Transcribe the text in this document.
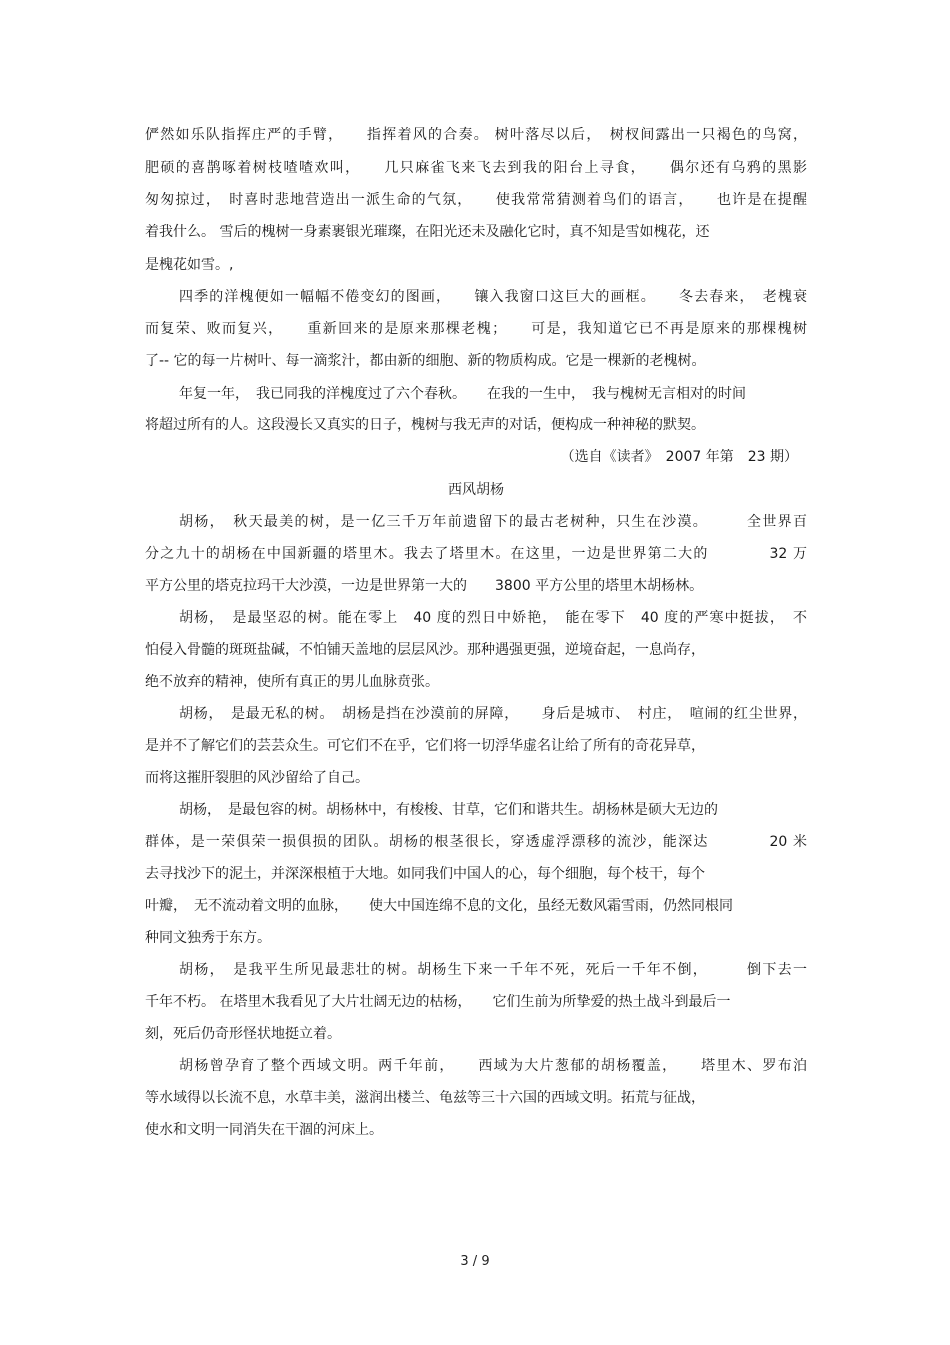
俨然如乐队指挥庄严的手臂，　　指挥着风的合奏。 树叶落尽以后，　树杈间露出一只褐色的鸟窝，
肥硕的喜鹊啄着树枝喳喳欢叫，　　几只麻雀飞来飞去到我的阳台上寻食，　　偶尔还有乌鸦的黑影
匆匆掠过，　时喜时悲地营造出一派生命的气氛，　　使我常常猜测着鸟们的语言，　　也许是在提醒
着我什么。 雪后的槐树一身素裹银光璀璨，在阳光还未及融化它时，真不知是雪如槐花，还
是槐花如雪。,
四季的洋槐便如一幅幅不倦变幻的图画，　　镶入我窗口这巨大的画框。　　冬去春来，　老槐衰
而复荣、败而复兴，　　重新回来的是原来那棵老槐；　　可是，我知道它已不再是原来的那棵槐树
了-- 它的每一片树叶、每一滴浆汁，都由新的细胞、新的物质构成。它是一棵新的老槐树。
年复一年，　我已同我的洋槐度过了六个春秋。　　在我的一生中，　我与槐树无言相对的时间
将超过所有的人。这段漫长又真实的日子，槐树与我无声的对话，便构成一种神秘的默契。
（选自《读者》　2007 年第　23 期）
西风胡杨
胡杨，　秋天最美的树，是一亿三千万年前遗留下的最古老树种，只生在沙漠。　　　全世界百
分之九十的胡杨在中国新疆的塔里木。我去了塔里木。在这里，一边是世界第二大的　　　　32 万
平方公里的塔克拉玛干大沙漠，一边是世界第一大的　　3800 平方公里的塔里木胡杨林。
胡杨，　是最坚忍的树。能在零上　40 度的烈日中娇艳，　能在零下　40 度的严寒中挺拔，　不
怕侵入骨髓的斑斑盐碱，不怕铺天盖地的层层风沙。那种遇强更强，逆境奋起，一息尚存，
绝不放弃的精神，使所有真正的男儿血脉贲张。
胡杨，　是最无私的树。　胡杨是挡在沙漠前的屏障，　　身后是城市、　村庄，　喧闹的红尘世界，
是并不了解它们的芸芸众生。可它们不在乎，它们将一切浮华虚名让给了所有的奇花异草，
而将这摧肝裂胆的风沙留给了自己。
胡杨，　是最包容的树。胡杨林中，有梭梭、甘草，它们和谐共生。胡杨林是硕大无边的
群体，是一荣俱荣一损俱损的团队。胡杨的根茎很长，穿透虚浮漂移的流沙，能深达　　　　20 米
去寻找沙下的泥土，并深深根植于大地。如同我们中国人的心，每个细胞，每个枝干，每个
叶瓣，　无不流动着文明的血脉，　　使大中国连绵不息的文化，虽经无数风霜雪雨，仍然同根同
种同文独秀于东方。
胡杨，　是我平生所见最悲壮的树。胡杨生下来一千年不死，死后一千年不倒，　　　倒下去一
千年不朽。 在塔里木我看见了大片壮阔无边的枯杨，　　它们生前为所挚爱的热土战斗到最后一
刻，死后仍奇形怪状地挺立着。
胡杨曾孕育了整个西域文明。两千年前，　　西域为大片葱郁的胡杨覆盖，　　塔里木、罗布泊
等水域得以长流不息，水草丰美，滋润出楼兰、龟兹等三十六国的西域文明。拓荒与征战，
使水和文明一同消失在干涸的河床上。
3 / 9
